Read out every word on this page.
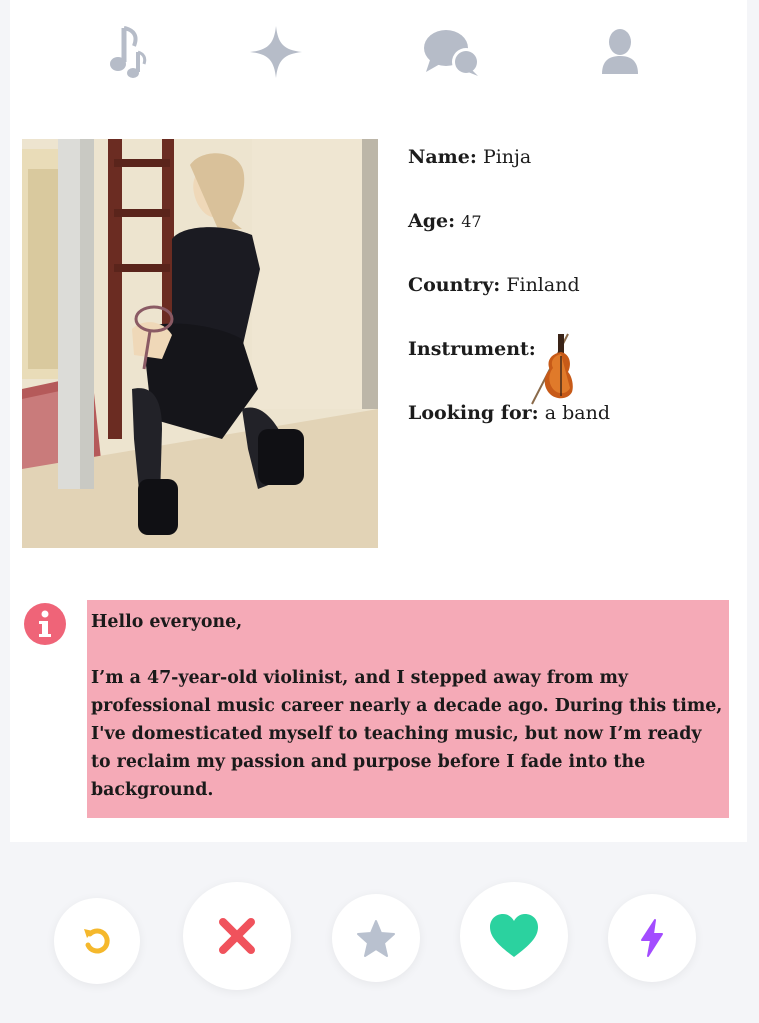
Name: Pinja
Age: 47
Country: Finland
Instrument:
Looking for: a band

Hello everyone,

I’m a 47-year-old violinist, and I stepped away from my professional music career nearly a decade ago. During this time, I've domesticated myself to teaching music, but now I’m ready to reclaim my passion and purpose before I fade into the background.
